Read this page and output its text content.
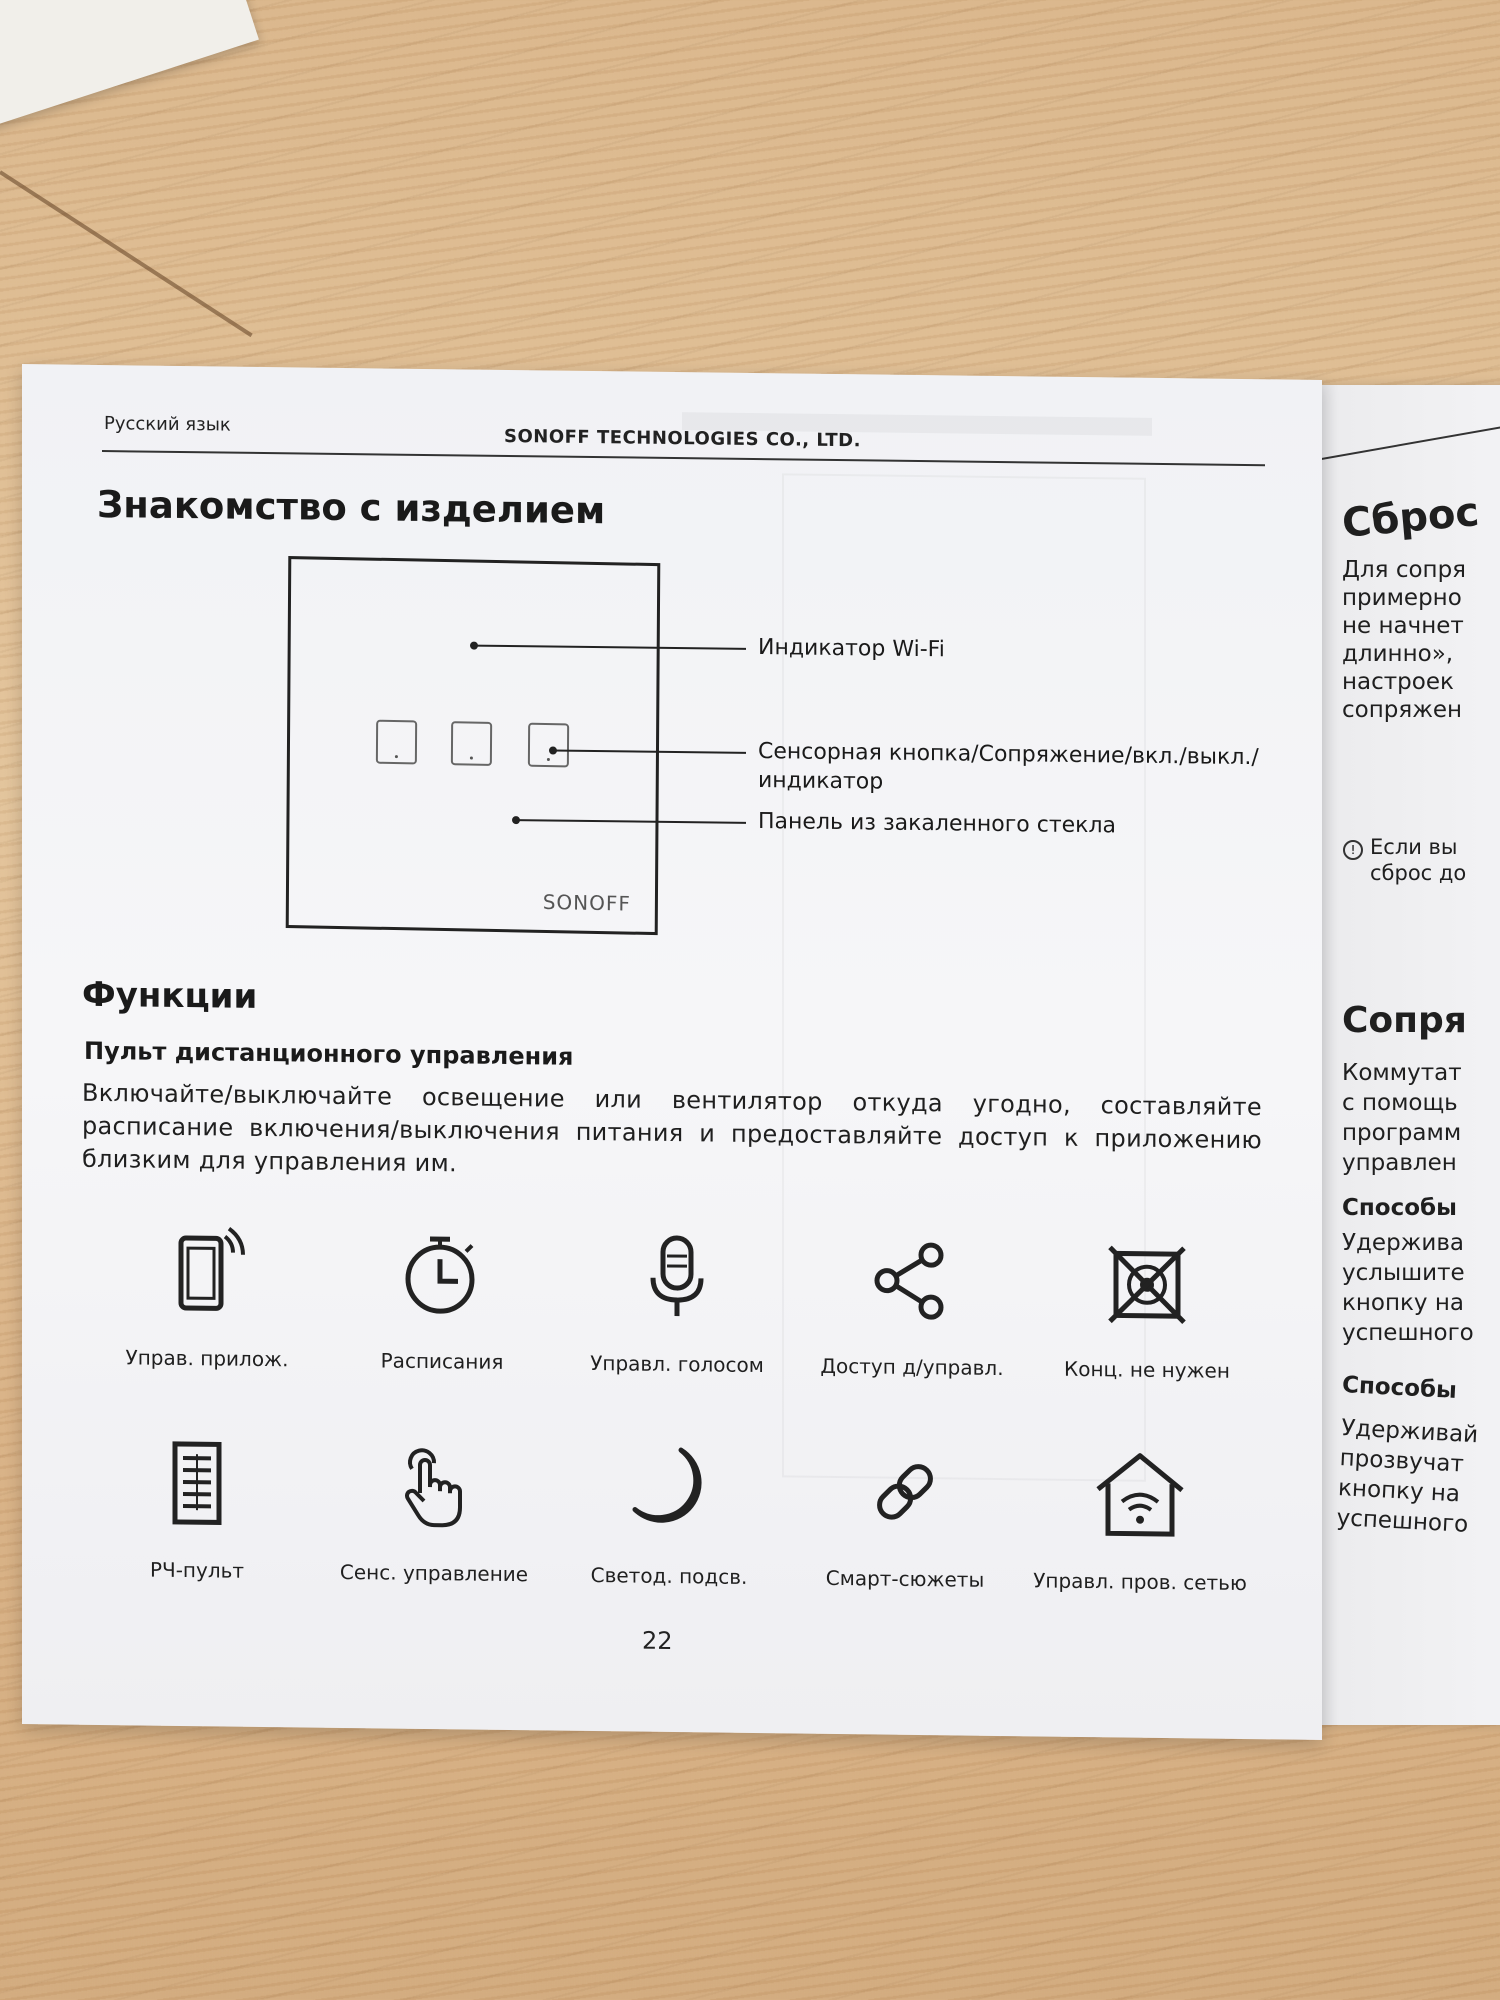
Сброс
Для сопря
примерно
не начнет
длинно»,
настроек
сопряжен
! Если вы
сброс до
Сопря
Коммутат
с помощь
программ
управлен
Способы
Удержива
услышите
кнопку на
успешного
Способы
Удерживай
прозвучат
кнопку на
успешного
Русский язык
SONOFF TECHNOLOGIES CO., LTD.
Знакомство с изделием
SONOFF
Индикатор Wi-Fi
Сенсорная кнопка/Сопряжение/вкл./выкл./
индикатор
Панель из закаленного стекла
Функции
Пульт дистанционного управления
Включайте/выключайте освещение или вентилятор откуда угодно, составляйте расписание включения/выключения питания и предоставляйте доступ к приложению близким для управления им.
Управ. прилож.	Расписания	Управл. голосом	Доступ д/управл.	Конц. не нужен
РЧ-пульт	Сенс. управление	Светод. подсв.	Смарт-сюжеты	Управл. пров. сетью
22
